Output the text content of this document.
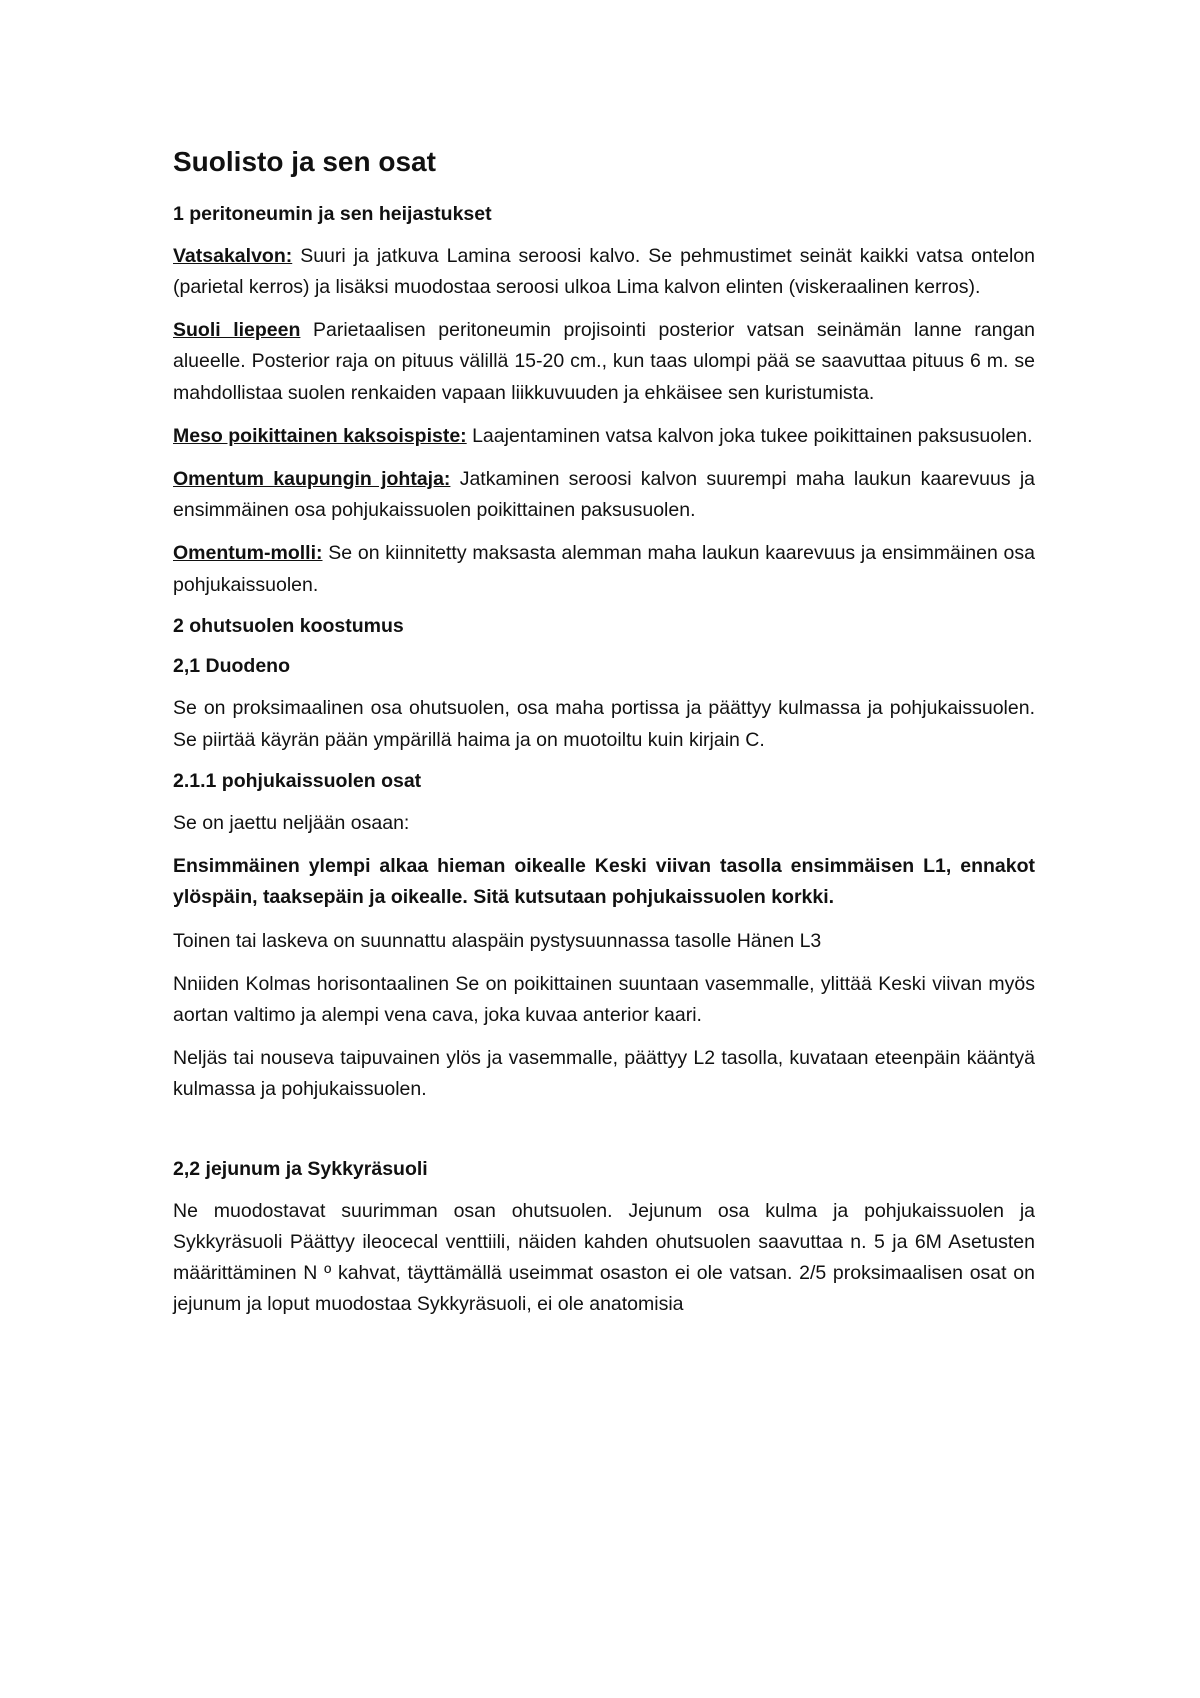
Suolisto ja sen osat
1 peritoneumin ja sen heijastukset

Vatsakalvon: Suuri ja jatkuva Lamina seroosi kalvo. Se pehmustimet seinät kaikki vatsa ontelon (parietal kerros) ja lisäksi muodostaa seroosi ulkoa Lima kalvon elinten (viskeraalinen kerros).

Suoli liepeen Parietaalisen peritoneumin projisointi posterior vatsan seinämän lanne rangan alueelle. Posterior raja on pituus välillä 15-20 cm., kun taas ulompi pää se saavuttaa pituus 6 m. se mahdollistaa suolen renkaiden vapaan liikkuvuuden ja ehkäisee sen kuristumista.

Meso poikittainen kaksoispiste: Laajentaminen vatsa kalvon joka tukee poikittainen paksusuolen.

Omentum kaupungin johtaja: Jatkaminen seroosi kalvon suurempi maha laukun kaarevuus ja ensimmäinen osa pohjukaissuolen poikittainen paksusuolen.

Omentum-molli: Se on kiinnitetty maksasta alemman maha laukun kaarevuus ja ensimmäinen osa pohjukaissuolen.

2 ohutsuolen koostumus
2,1 Duodeno

Se on proksimaalinen osa ohutsuolen, osa maha portissa ja päättyy kulmassa ja pohjukaissuolen. Se piirtää käyrän pään ympärillä haima ja on muotoiltu kuin kirjain C.

2.1.1 pohjukaissuolen osat

Se on jaettu neljään osaan:

Ensimmäinen ylempi alkaa hieman oikealle Keski viivan tasolla ensimmäisen L1, ennakot ylöspäin, taaksepäin ja oikealle. Sitä kutsutaan pohjukaissuolen korkki.

Toinen tai laskeva on suunnattu alaspäin pystysuunnassa tasolle Hänen L3

Nniiden Kolmas horisontaalinen Se on poikittainen suuntaan vasemmalle, ylittää Keski viivan myös aortan valtimo ja alempi vena cava, joka kuvaa anterior kaari.

Neljäs tai nouseva taipuvainen ylös ja vasemmalle, päättyy L2 tasolla, kuvataan eteenpäin kääntyä kulmassa ja pohjukaissuolen.

2,2 jejunum ja Sykkyräsuoli

Ne muodostavat suurimman osan ohutsuolen. Jejunum osa kulma ja pohjukaissuolen ja Sykkyräsuoli Päättyy ileocecal venttiili, näiden kahden ohutsuolen saavuttaa n. 5 ja 6M Asetusten määrittäminen N º kahvat, täyttämällä useimmat osaston ei ole vatsan. 2/5 proksimaalisen osat on jejunum ja loput muodostaa Sykkyräsuoli, ei ole anatomisia
